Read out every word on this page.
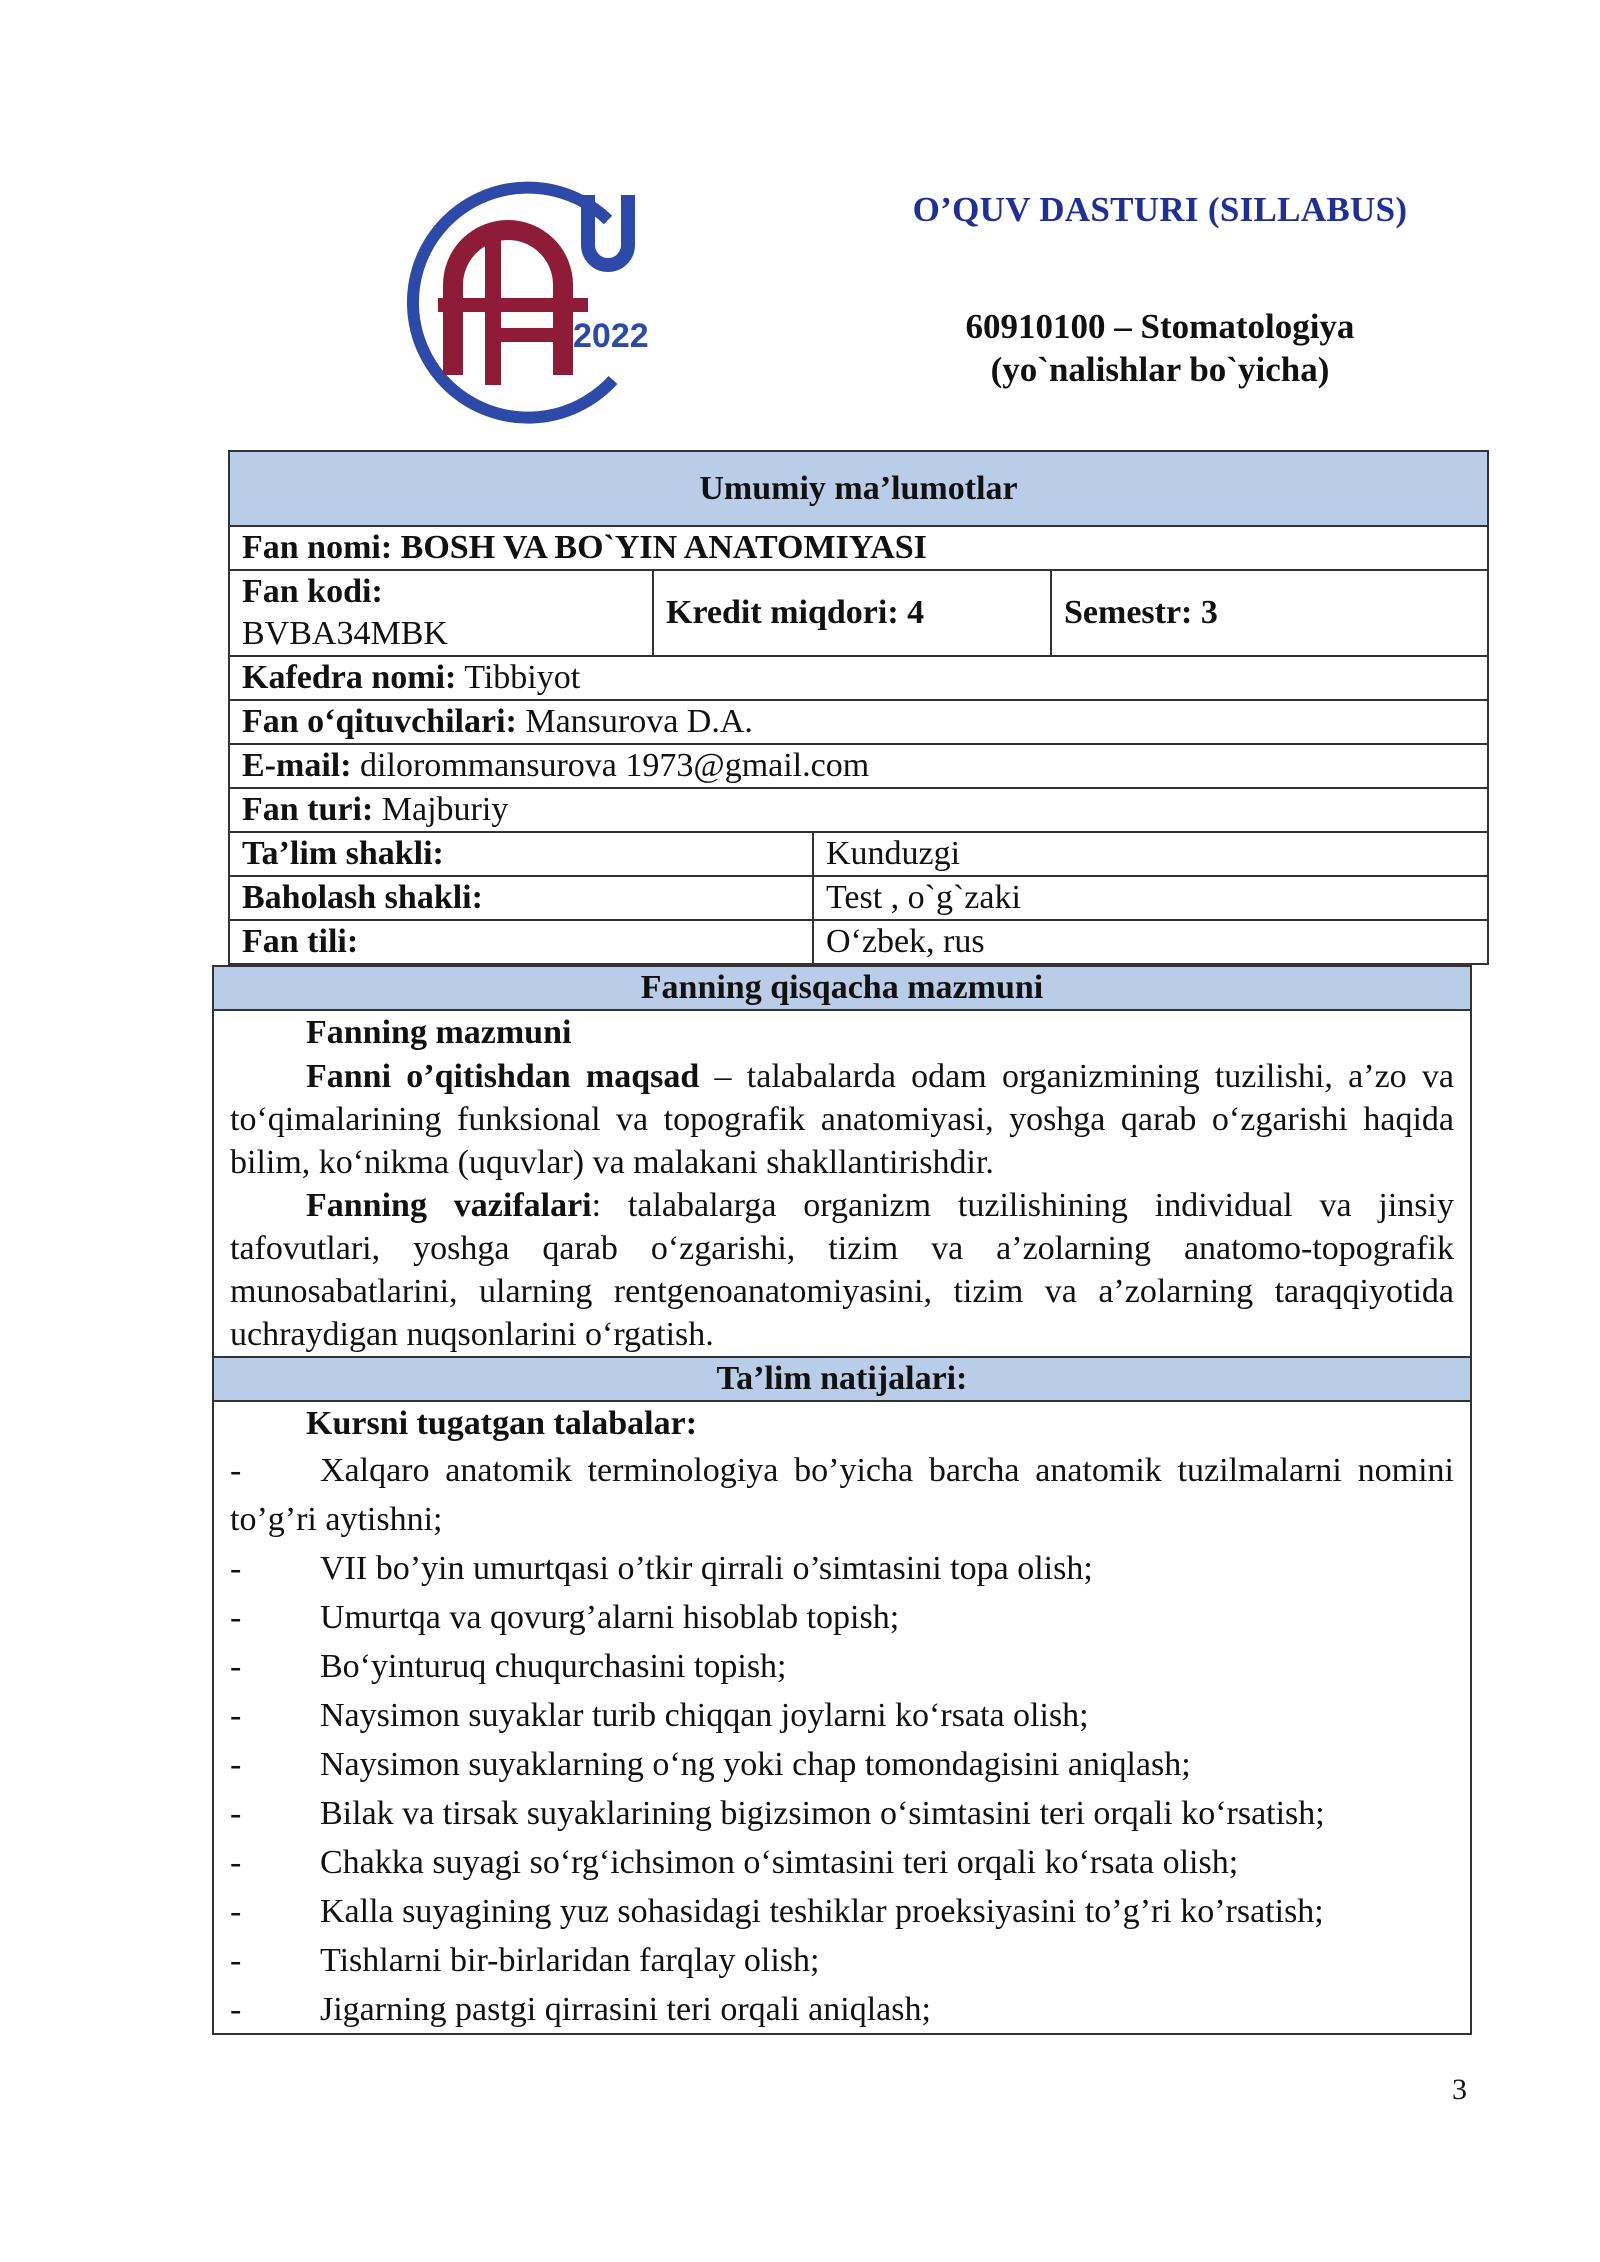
2022
O’QUV DASTURI (SILLABUS)
60910100 – Stomatologiya
(yo`nalishlar bo`yicha)
Umumiy ma’lumotlar			
Fan nomi: BOSH VA BO`YIN ANATOMIYASI			
Fan kodi:
BVBA34MBK	Kredit miqdori: 4		Semestr: 3
Kafedra nomi: Tibbiyot			
Fan o‘qituvchilari: Mansurova D.A.			
E-mail: dilorommansurova 1973@gmail.com			
Fan turi: Majburiy			
Ta’lim shakli:		Kunduzgi	
Baholash shakli:		Test , o`g`zaki	
Fan tili:		O‘zbek, rus	
Fanning qisqacha mazmuni
Fanning mazmuni

Fanni o’qitishdan maqsad – talabalarda odam organizmining tuzilishi, a’zo va to‘qimalarining funksional va topografik anatomiyasi, yoshga qarab o‘zgarishi haqida bilim, ko‘nikma (uquvlar) va malakani shakllantirishdir.

Fanning vazifalari: talabalarga organizm tuzilishining individual va jinsiy tafovutlari, yoshga qarab o‘zgarishi, tizim va a’zolarning anatomo-topografik munosabatlarini, ularning rentgenoanatomiyasini, tizim va a’zolarning taraqqiyotida uchraydigan nuqsonlarini o‘rgatish.

Ta’lim natijalari:
Kursni tugatgan talabalar:
- Xalqaro anatomik terminologiya bo’yicha barcha anatomik tuzilmalarni nomini to’g’ri aytishni;
- VII bo’yin umurtqasi o’tkir qirrali o’simtasini topa olish;
- Umurtqa va qovurg’alarni hisoblab topish;
- Bo‘yinturuq chuqurchasini topish;
- Naysimon suyaklar turib chiqqan joylarni ko‘rsata olish;
- Naysimon suyaklarning o‘ng yoki chap tomondagisini aniqlash;
- Bilak va tirsak suyaklarining bigizsimon o‘simtasini teri orqali ko‘rsatish;
- Chakka suyagi so‘rg‘ichsimon o‘simtasini teri orqali ko‘rsata olish;
- Kalla suyagining yuz sohasidagi teshiklar proeksiyasini to’g’ri ko’rsatish;
- Tishlarni bir-birlaridan farqlay olish;
- Jigarning pastgi qirrasini teri orqali aniqlash;
3
